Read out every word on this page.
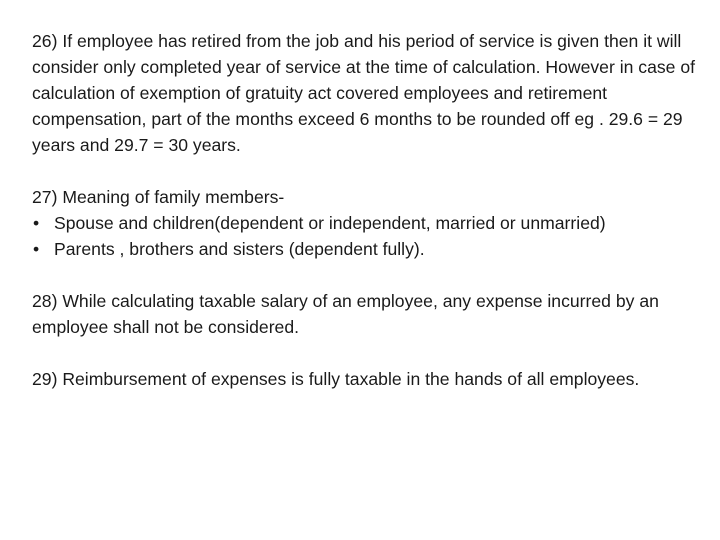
26) If employee has retired from the job and his period of service is given then it will consider only completed year of service at the time of calculation. However in case of calculation of exemption of gratuity act covered employees and retirement compensation, part of the months exceed 6 months to be rounded off eg . 29.6 = 29 years and 29.7 = 30 years.

27) Meaning of family members-

• Spouse and children(dependent or independent, married or unmarried)
• Parents , brothers and sisters (dependent fully).

28) While calculating taxable salary of an employee, any expense incurred by an employee shall not be considered.

29) Reimbursement of expenses is fully taxable in the hands of all employees.
